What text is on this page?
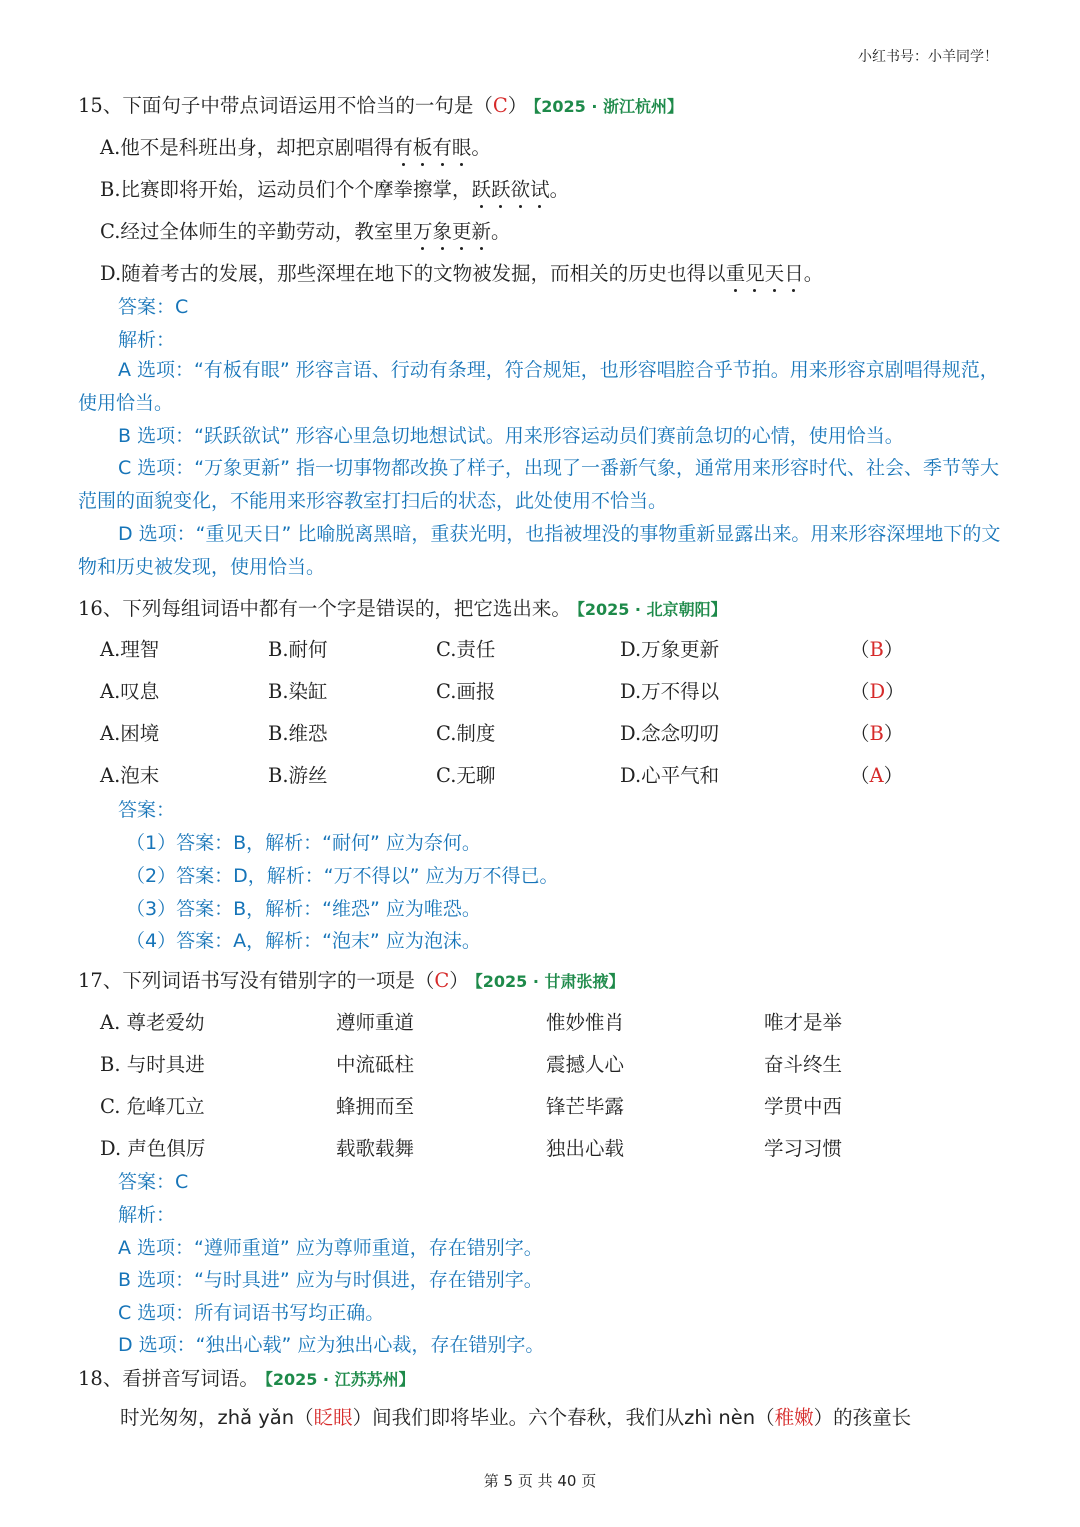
小红书号：小羊同学！
15、下面句子中带点词语运用不恰当的一句是（C） 【2025 · 浙江杭州】
A.他不是科班出身，却把京剧唱得有板有眼。
B.比赛即将开始，运动员们个个摩拳擦掌，跃跃欲试。
C.经过全体师生的辛勤劳动，教室里万象更新。
D.随着考古的发展，那些深埋在地下的文物被发掘，而相关的历史也得以重见天日。
答案：C
解析：
A 选项：“有板有眼” 形容言语、行动有条理，符合规矩，也形容唱腔合乎节拍。用来形容京剧唱得规范，使用恰当。
B 选项：“跃跃欲试” 形容心里急切地想试试。用来形容运动员们赛前急切的心情，使用恰当。
C 选项：“万象更新” 指一切事物都改换了样子，出现了一番新气象，通常用来形容时代、社会、季节等大范围的面貌变化，不能用来形容教室打扫后的状态，此处使用不恰当。
D 选项：“重见天日” 比喻脱离黑暗，重获光明，也指被埋没的事物重新显露出来。用来形容深埋地下的文物和历史被发现，使用恰当。
16、下列每组词语中都有一个字是错误的，把它选出来。 【2025 · 北京朝阳】
A.理智	B.耐何	C.责任	D.万象更新	（B）
A.叹息	B.染缸	C.画报	D.万不得以	（D）
A.困境	B.维恐	C.制度	D.念念叨叨	（B）
A.泡末	B.游丝	C.无聊	D.心平气和	（A）
答案：
（1）答案：B，解析：“耐何” 应为奈何。
（2）答案：D，解析：“万不得以” 应为万不得已。
（3）答案：B，解析：“维恐” 应为唯恐。
（4）答案：A，解析：“泡末” 应为泡沫。
17、下列词语书写没有错别字的一项是（C） 【2025 · 甘肃张掖】
A. 尊老爱幼	遵师重道	惟妙惟肖	唯才是举
B. 与时具进	中流砥柱	震撼人心	奋斗终生
C. 危峰兀立	蜂拥而至	锋芒毕露	学贯中西
D. 声色俱厉	载歌载舞	独出心载	学习习惯
答案：C
解析：
A 选项：“遵师重道” 应为尊师重道，存在错别字。
B 选项：“与时具进” 应为与时俱进，存在错别字。
C 选项：所有词语书写均正确。
D 选项：“独出心载” 应为独出心裁，存在错别字。
18、看拼音写词语。 【2025 · 江苏苏州】
时光匆匆，zhǎ yǎn（眨眼）间我们即将毕业。六个春秋，我们从zhì nèn（稚嫩）的孩童长
第 5 页 共 40 页
